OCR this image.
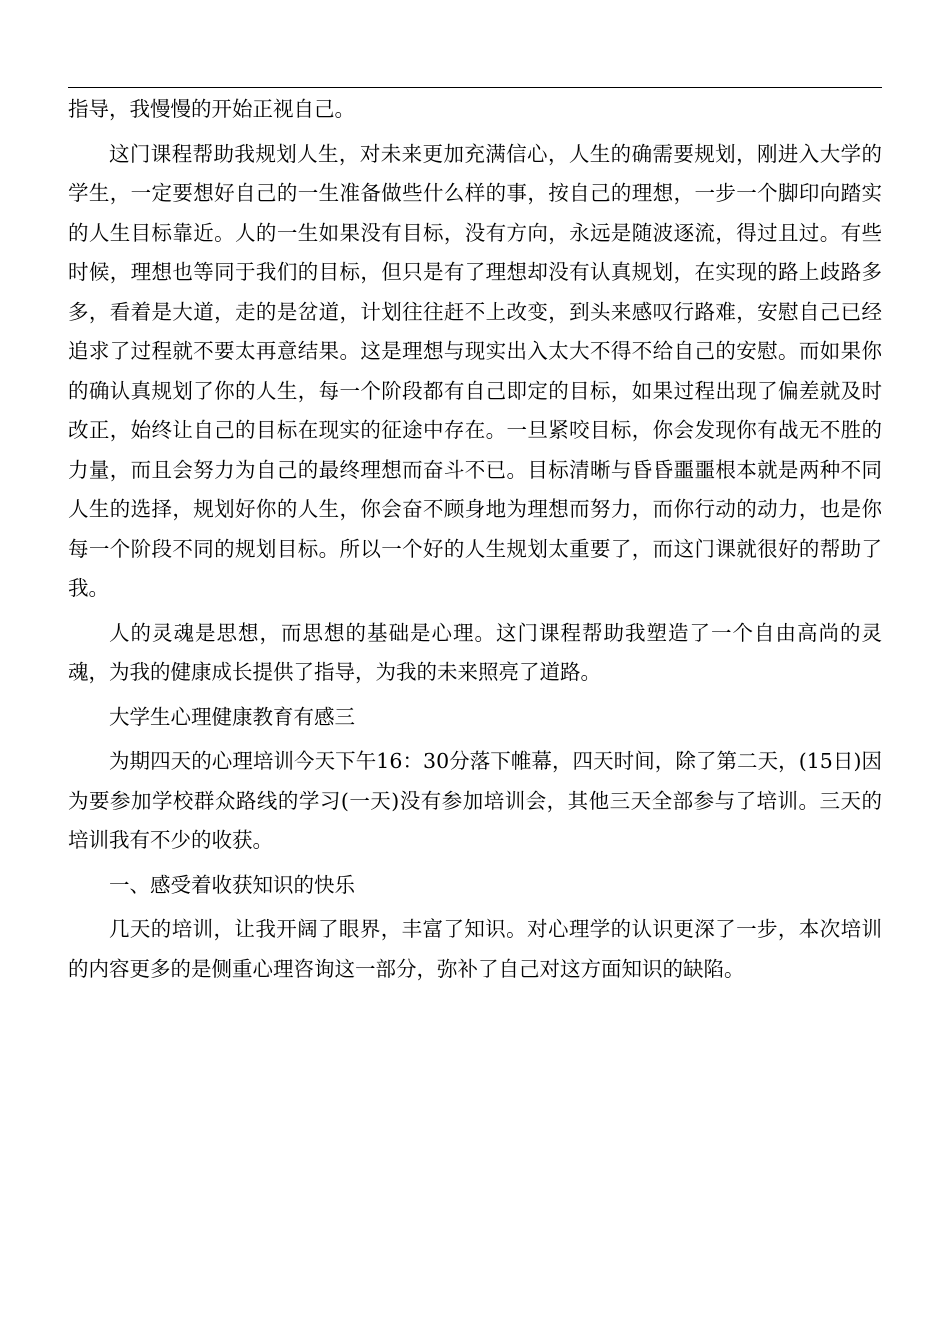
指导，我慢慢的开始正视自己。

这门课程帮助我规划人生，对未来更加充满信心，人生的确需要规划，刚进入大学的学生，一定要想好自己的一生准备做些什么样的事，按自己的理想，一步一个脚印向踏实的人生目标靠近。人的一生如果没有目标，没有方向，永远是随波逐流，得过且过。有些时候，理想也等同于我们的目标，但只是有了理想却没有认真规划，在实现的路上歧路多多，看着是大道，走的是岔道，计划往往赶不上改变，到头来感叹行路难，安慰自己已经追求了过程就不要太再意结果。这是理想与现实出入太大不得不给自己的安慰。而如果你的确认真规划了你的人生，每一个阶段都有自己即定的目标，如果过程出现了偏差就及时改正，始终让自己的目标在现实的征途中存在。一旦紧咬目标，你会发现你有战无不胜的力量，而且会努力为自己的最终理想而奋斗不已。目标清晰与昏昏噩噩根本就是两种不同人生的选择，规划好你的人生，你会奋不顾身地为理想而努力，而你行动的动力，也是你每一个阶段不同的规划目标。所以一个好的人生规划太重要了，而这门课就很好的帮助了我。

人的灵魂是思想，而思想的基础是心理。这门课程帮助我塑造了一个自由高尚的灵魂，为我的健康成长提供了指导，为我的未来照亮了道路。

大学生心理健康教育有感三

为期四天的心理培训今天下午16：30分落下帷幕，四天时间，除了第二天，(15日)因为要参加学校群众路线的学习(一天)没有参加培训会，其他三天全部参与了培训。三天的培训我有不少的收获。

一、感受着收获知识的快乐

几天的培训，让我开阔了眼界，丰富了知识。对心理学的认识更深了一步，本次培训的内容更多的是侧重心理咨询这一部分，弥补了自己对这方面知识的缺陷。
